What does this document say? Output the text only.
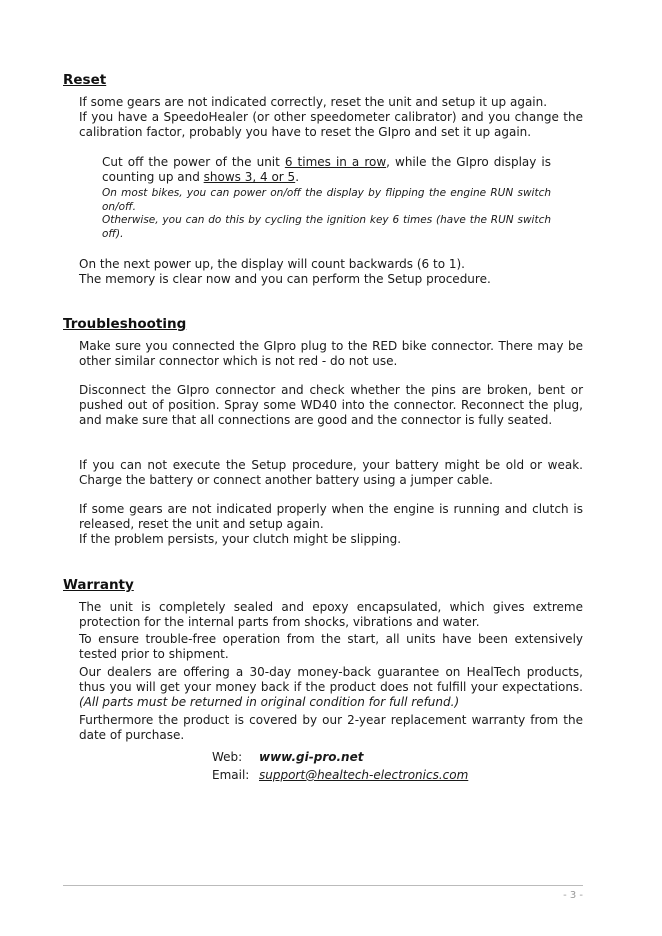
Reset

If some gears are not indicated correctly, reset the unit and setup it up again.
If you have a SpeedoHealer (or other speedometer calibrator) and you change the calibration factor, probably you have to reset the GIpro and set it up again.

Cut off the power of the unit 6 times in a row, while the GIpro display is counting up and shows 3, 4 or 5.

On most bikes, you can power on/off the display by flipping the engine RUN switch on/off.
Otherwise, you can do this by cycling the ignition key 6 times (have the RUN switch off).

On the next power up, the display will count backwards (6 to 1).
The memory is clear now and you can perform the Setup procedure.

Troubleshooting

Make sure you connected the GIpro plug to the RED bike connector. There may be other similar connector which is not red - do not use.

Disconnect the GIpro connector and check whether the pins are broken, bent or pushed out of position. Spray some WD40 into the connector. Reconnect the plug, and make sure that all connections are good and the connector is fully seated.

If you can not execute the Setup procedure, your battery might be old or weak. Charge the battery or connect another battery using a jumper cable.

If some gears are not indicated properly when the engine is running and clutch is released, reset the unit and setup again.
If the problem persists, your clutch might be slipping.

Warranty

The unit is completely sealed and epoxy encapsulated, which gives extreme protection for the internal parts from shocks, vibrations and water.

To ensure trouble-free operation from the start, all units have been extensively tested prior to shipment.

Our dealers are offering a 30-day money-back guarantee on HealTech products, thus you will get your money back if the product does not fulfill your expectations. (All parts must be returned in original condition for full refund.)

Furthermore the product is covered by our 2-year replacement warranty from the date of purchase.

Web: www.gi-pro.net
Email: support@healtech-electronics.com
- 3 -
